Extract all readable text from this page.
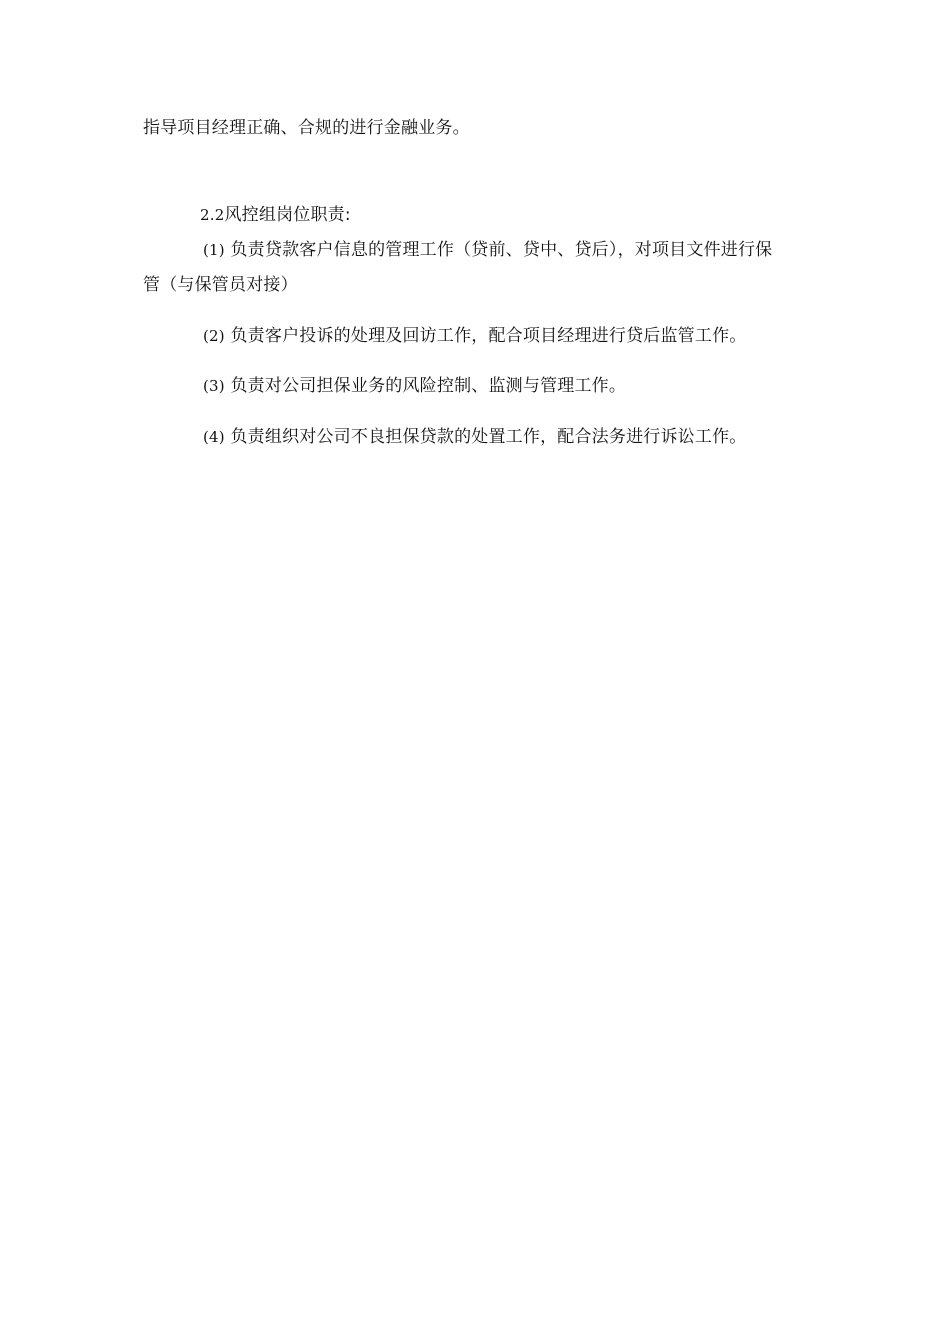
指导项目经理正确、合规的进行金融业务。
2.2风控组岗位职责:
(1) 负责贷款客户信息的管理工作（贷前、贷中、贷后），对项目文件进行保
管（与保管员对接）
(2) 负责客户投诉的处理及回访工作，配合项目经理进行贷后监管工作。
(3) 负责对公司担保业务的风险控制、监测与管理工作。
(4) 负责组织对公司不良担保贷款的处置工作，配合法务进行诉讼工作。
